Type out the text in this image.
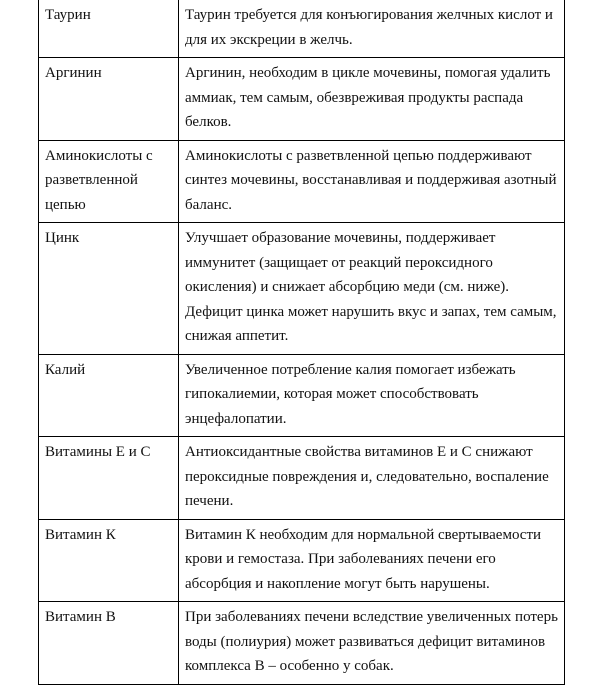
Таурин	Таурин требуется для конъюгирования желчных кислот и для их экскреции в желчь.
Аргинин	Аргинин, необходим в цикле мочевины, помогая удалить аммиак, тем самым, обезвреживая продукты распада белков.
Аминокислоты с разветвленной цепью	Аминокислоты с разветвленной цепью поддерживают синтез мочевины, восстанавливая и поддерживая азотный баланс.
Цинк	Улучшает образование мочевины, поддерживает иммунитет (защищает от реакций пероксидного окисления) и снижает абсорбцию меди (см. ниже). Дефицит цинка может нарушить вкус и запах, тем самым, снижая аппетит.
Калий	Увеличенное потребление калия помогает избежать гипокалиемии, которая может способствовать энцефалопатии.
Витамины Е и С	Антиоксидантные свойства витаминов Е и С снижают пероксидные повреждения и, следовательно, воспаление печени.
Витамин К	Витамин К необходим для нормальной свертываемости крови и гемостаза. При заболеваниях печени его абсорбция и накопление могут быть нарушены.
Витамин В	При заболеваниях печени вследствие увеличенных потерь воды (полиурия) может развиваться дефицит витаминов комплекса В – особенно у собак.
